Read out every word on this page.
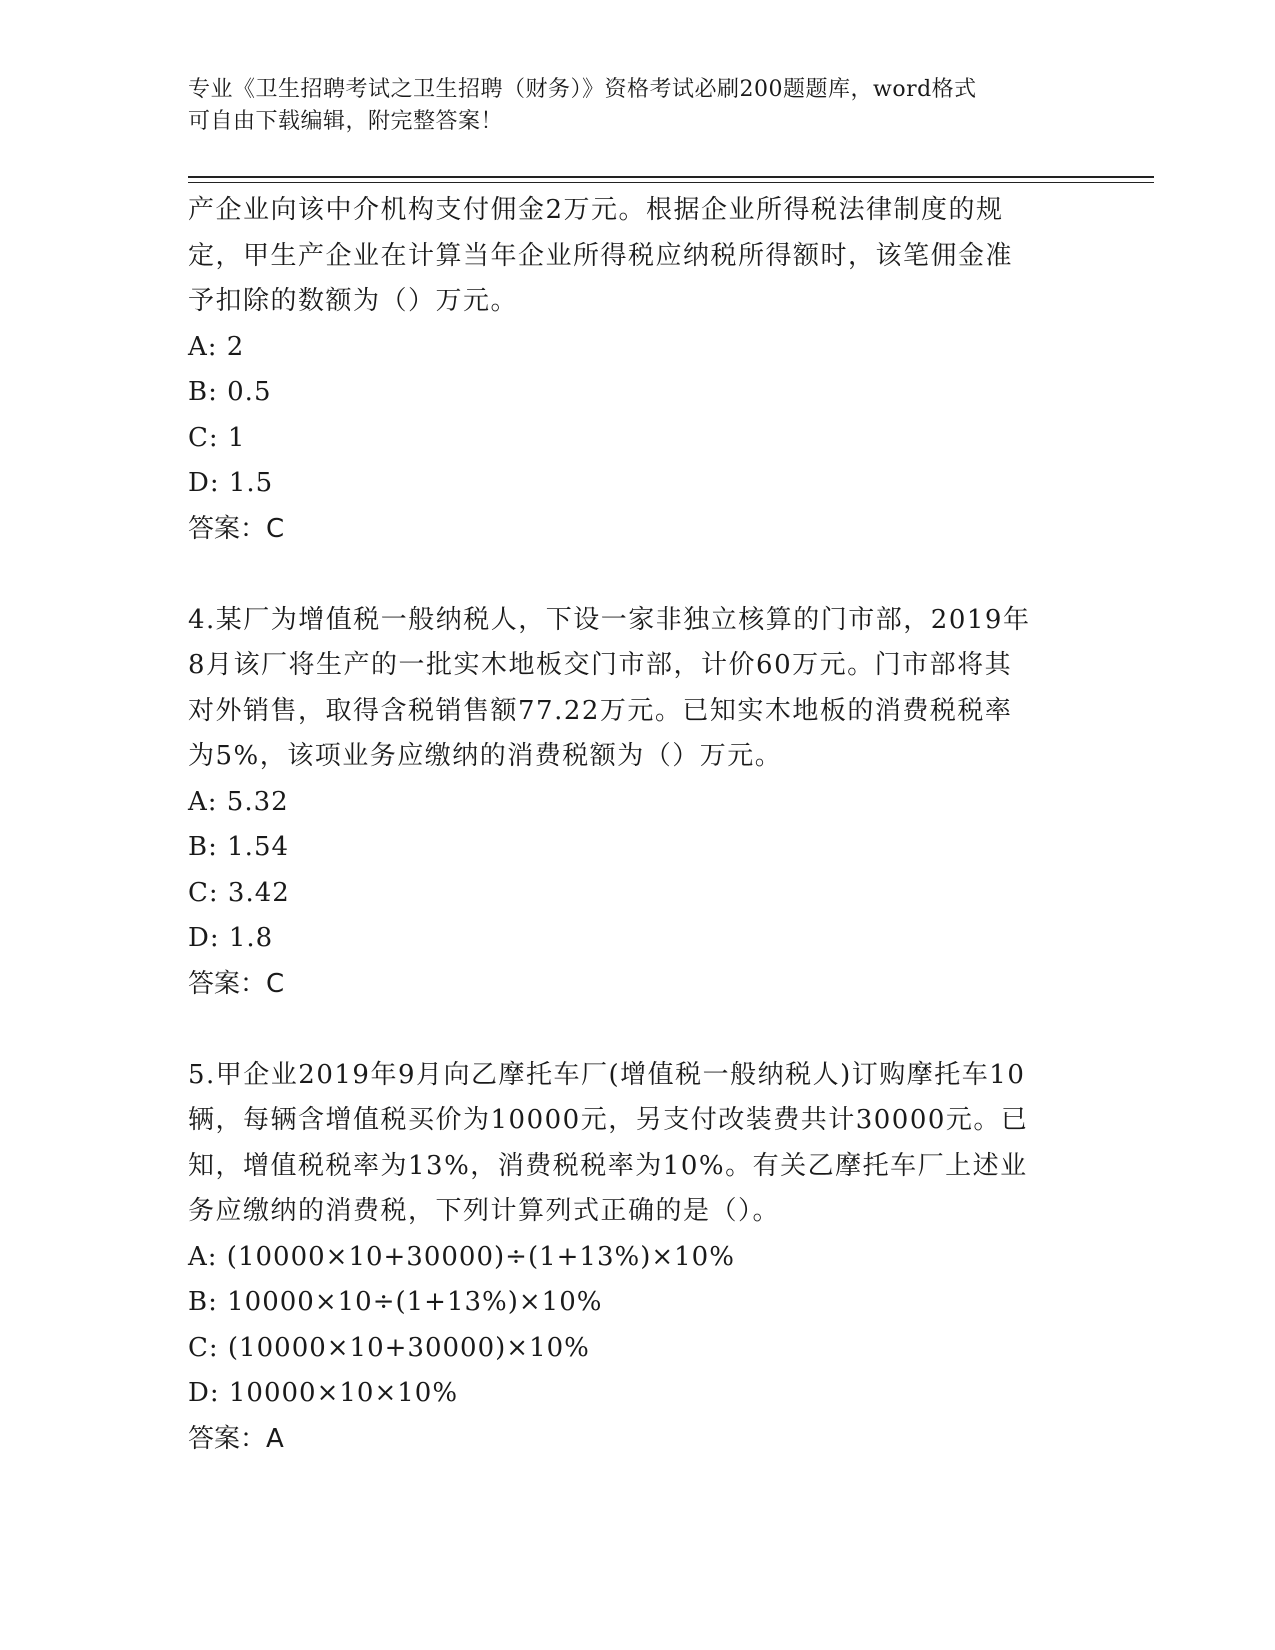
专业《卫生招聘考试之卫生招聘（财务）》资格考试必刷200题题库，word格式
可自由下载编辑，附完整答案！
产企业向该中介机构支付佣金2万元。根据企业所得税法律制度的规
定，甲生产企业在计算当年企业所得税应纳税所得额时，该笔佣金准
予扣除的数额为（）万元。
A: 2
B: 0.5
C: 1
D: 1.5
答案：C
4.某厂为增值税一般纳税人，下设一家非独立核算的门市部，2019年
8月该厂将生产的一批实木地板交门市部，计价60万元。门市部将其
对外销售，取得含税销售额77.22万元。已知实木地板的消费税税率
为5%，该项业务应缴纳的消费税额为（）万元。
A: 5.32
B: 1.54
C: 3.42
D: 1.8
答案：C
5.甲企业2019年9月向乙摩托车厂(增值税一般纳税人)订购摩托车10
辆，每辆含增值税买价为10000元，另支付改装费共计30000元。已
知，增值税税率为13%，消费税税率为10%。有关乙摩托车厂上述业
务应缴纳的消费税，下列计算列式正确的是（）。
A: (10000×10+30000)÷(1+13%)×10%
B: 10000×10÷(1+13%)×10%
C: (10000×10+30000)×10%
D: 10000×10×10%
答案：A
